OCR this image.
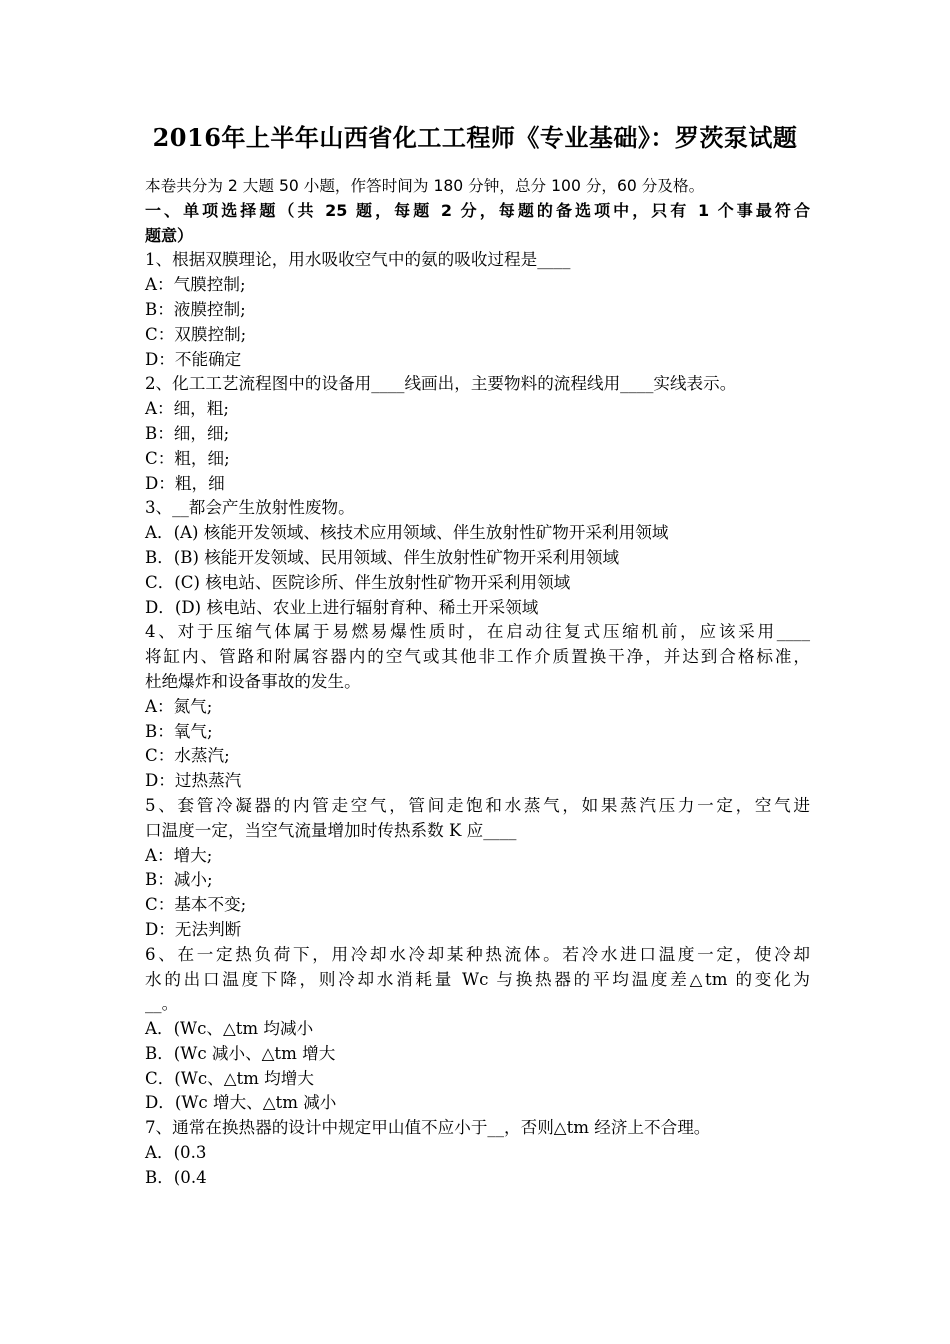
2016年上半年山西省化工工程师《专业基础》：罗茨泵试题
本卷共分为 2 大题 50 小题，作答时间为 180 分钟，总分 100 分，60 分及格。
一、单项选择题（共 25 题，每题 2 分，每题的备选项中，只有 1 个事最符合
题意）
1、根据双膜理论，用水吸收空气中的氨的吸收过程是____
A：气膜控制;
B：液膜控制;
C：双膜控制;
D：不能确定
2、化工工艺流程图中的设备用____线画出，主要物料的流程线用____实线表示。
A：细，粗;
B：细，细;
C：粗，细;
D：粗，细
3、__都会产生放射性废物。
A．(A) 核能开发领域、核技术应用领域、伴生放射性矿物开采利用领域
B．(B) 核能开发领域、民用领域、伴生放射性矿物开采利用领域
C．(C) 核电站、医院诊所、伴生放射性矿物开采利用领域
D．(D) 核电站、农业上进行辐射育种、稀土开采领域
4、对于压缩气体属于易燃易爆性质时，在启动往复式压缩机前，应该采用____
将缸内、管路和附属容器内的空气或其他非工作介质置换干净，并达到合格标准，
杜绝爆炸和设备事故的发生。
A：氮气;
B：氧气;
C：水蒸汽;
D：过热蒸汽
5、套管冷凝器的内管走空气，管间走饱和水蒸气，如果蒸汽压力一定，空气进
口温度一定，当空气流量增加时传热系数 K 应____
A：增大;
B：减小;
C：基本不变;
D：无法判断
6、在一定热负荷下，用冷却水冷却某种热流体。若冷水进口温度一定，使冷却
水的出口温度下降，则冷却水消耗量 Wc 与换热器的平均温度差△tm 的变化为
__。
A．(Wc、△tm 均减小
B．(Wc 减小、△tm 增大
C．(Wc、△tm 均增大
D．(Wc 增大、△tm 减小
7、通常在换热器的设计中规定甲山值不应小于__，否则△tm 经济上不合理。
A．(0.3
B．(0.4
